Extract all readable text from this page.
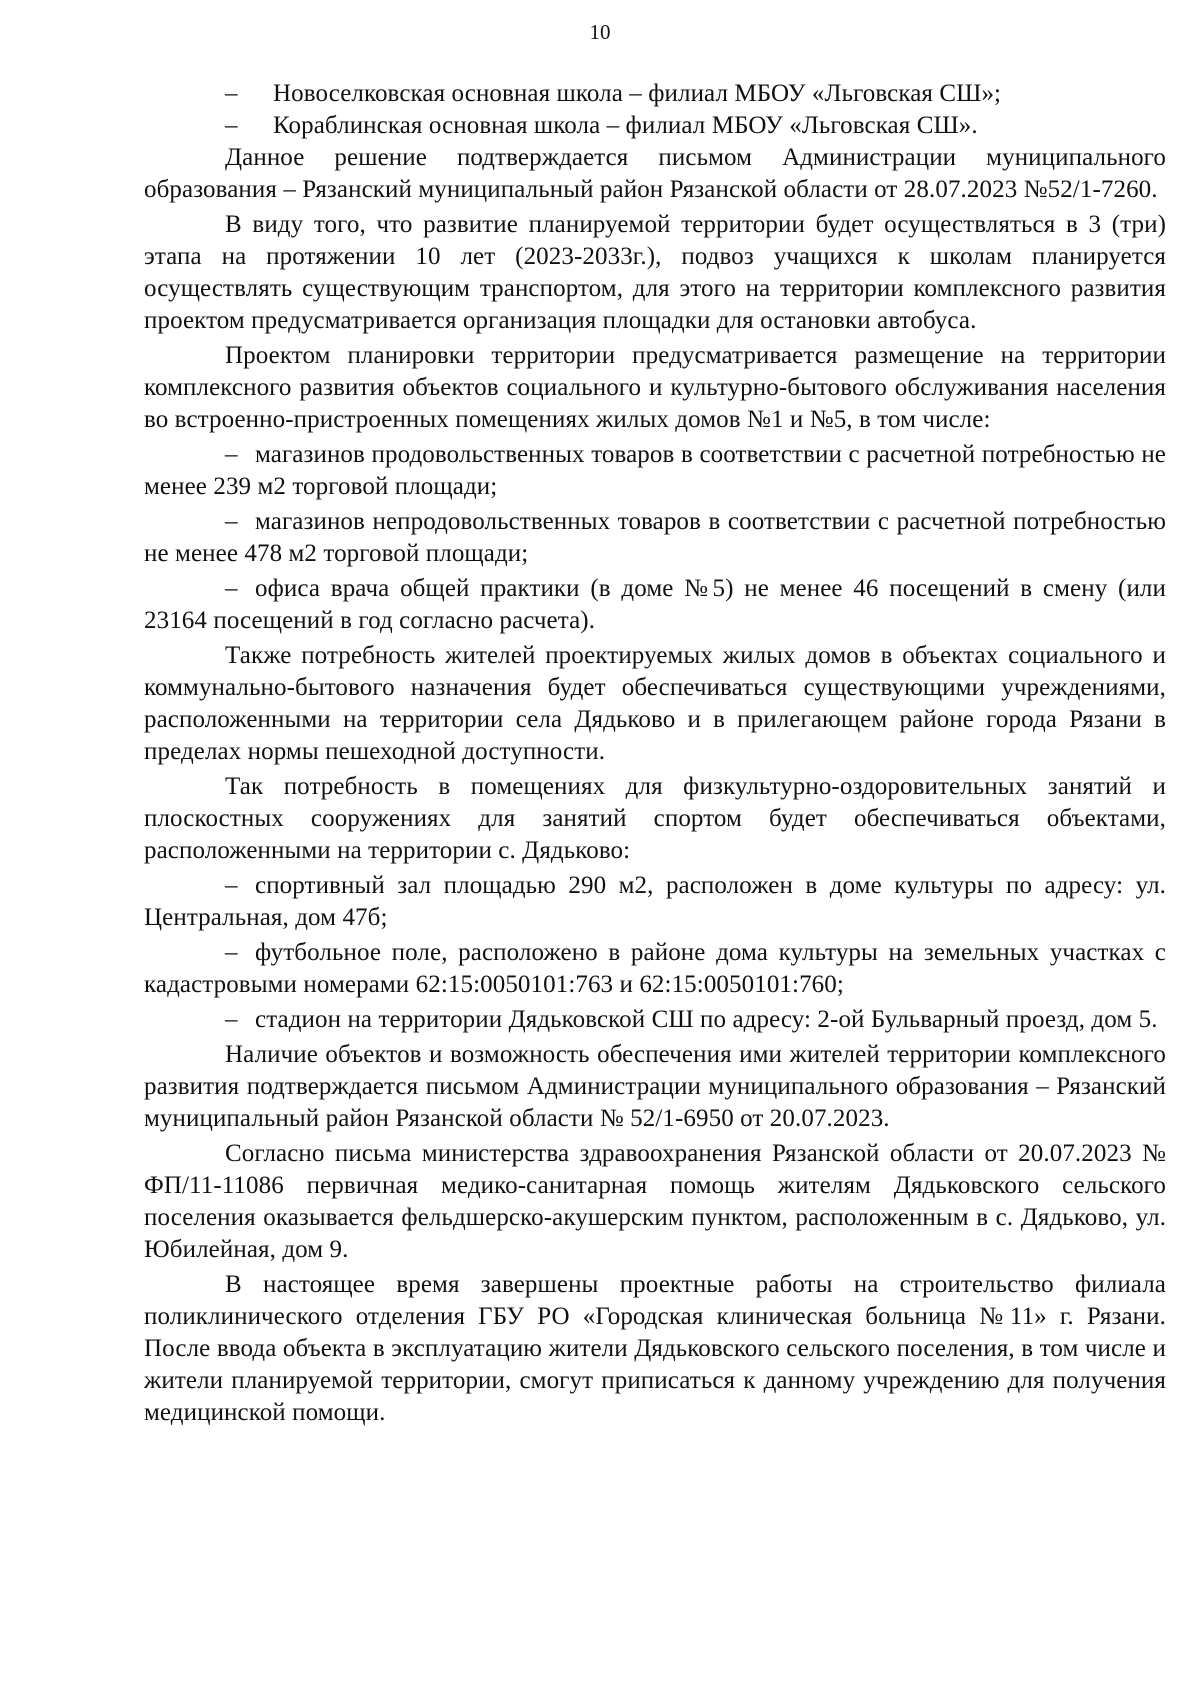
10

– Новоселковская основная школа – филиал МБОУ «Льговская СШ»;

– Кораблинская основная школа – филиал МБОУ «Льговская СШ».

Данное решение подтверждается письмом Администрации муниципального образования – Рязанский муниципальный район Рязанской области от 28.07.2023 №52/1-7260.

В виду того, что развитие планируемой территории будет осуществляться в 3 (три) этапа на протяжении 10 лет (2023-2033г.), подвоз учащихся к школам планируется осуществлять существующим транспортом, для этого на территории комплексного развития проектом предусматривается организация площадки для остановки автобуса.

Проектом планировки территории предусматривается размещение на территории комплексного развития объектов социального и культурно-бытового обслуживания населения во встроенно-пристроенных помещениях жилых домов №1 и №5, в том числе:

– магазинов продовольственных товаров в соответствии с расчетной потребностью не менее 239 м2 торговой площади;

– магазинов непродовольственных товаров в соответствии с расчетной потребностью не менее 478 м2 торговой площади;

– офиса врача общей практики (в доме №5) не менее 46 посещений в смену (или 23164 посещений в год согласно расчета).

Также потребность жителей проектируемых жилых домов в объектах социального и коммунально-бытового назначения будет обеспечиваться существующими учреждениями, расположенными на территории села Дядьково и в прилегающем районе города Рязани в пределах нормы пешеходной доступности.

Так потребность в помещениях для физкультурно-оздоровительных занятий и плоскостных сооружениях для занятий спортом будет обеспечиваться объектами, расположенными на территории с. Дядьково:

– спортивный зал площадью 290 м2, расположен в доме культуры по адресу: ул. Центральная, дом 47б;

– футбольное поле, расположено в районе дома культуры на земельных участках с кадастровыми номерами 62:15:0050101:763 и 62:15:0050101:760;

– стадион на территории Дядьковской СШ по адресу: 2-ой Бульварный проезд, дом 5.

Наличие объектов и возможность обеспечения ими жителей территории комплексного развития подтверждается письмом Администрации муниципального образования – Рязанский муниципальный район Рязанской области № 52/1-6950 от 20.07.2023.

Согласно письма министерства здравоохранения Рязанской области от 20.07.2023 № ФП/11-11086 первичная медико-санитарная помощь жителям Дядьковского сельского поселения оказывается фельдшерско-акушерским пунктом, расположенным в с. Дядьково, ул. Юбилейная, дом 9.

В настоящее время завершены проектные работы на строительство филиала поликлинического отделения ГБУ РО «Городская клиническая больница №11» г. Рязани. После ввода объекта в эксплуатацию жители Дядьковского сельского поселения, в том числе и жители планируемой территории, смогут приписаться к данному учреждению для получения медицинской помощи.
